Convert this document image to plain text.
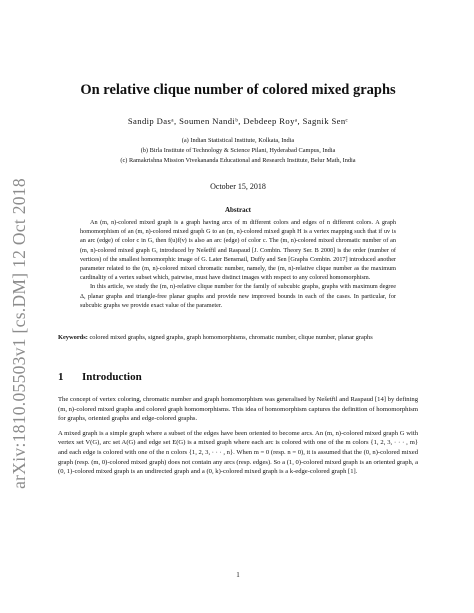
arXiv:1810.05503v1 [cs.DM] 12 Oct 2018
On relative clique number of colored mixed graphs
Sandip Dasᵃ, Soumen Nandiᵇ, Debdeep Royᵃ, Sagnik Senᶜ
(a) Indian Statistical Institute, Kolkata, India
(b) Birla Institute of Technology & Science Pilani, Hyderabad Campus, India
(c) Ramakrishna Mission Vivekananda Educational and Research Institute, Belur Math, India
October 15, 2018
Abstract

An (m, n)-colored mixed graph is a graph having arcs of m different colors and edges of n different colors. A graph homomorphism of an (m, n)-colored mixed graph G to an (m, n)-colored mixed graph H is a vertex mapping such that if uv is an arc (edge) of color c in G, then f(u)f(v) is also an arc (edge) of color c. The (m, n)-colored mixed chromatic number of an (m, n)-colored mixed graph G, introduced by Nešetřil and Raspaud [J. Combin. Theory Ser. B 2000] is the order (number of vertices) of the smallest homomorphic image of G. Later Bensmail, Duffy and Sen [Graphs Combin. 2017] introduced another parameter related to the (m, n)-colored mixed chromatic number, namely, the (m, n)-relative clique number as the maximum cardinality of a vertex subset which, pairwise, must have distinct images with respect to any colored homomorphism.

In this article, we study the (m, n)-relative clique number for the family of subcubic graphs, graphs with maximum degree Δ, planar graphs and triangle-free planar graphs and provide new improved bounds in each of the cases. In particular, for subcubic graphs we provide exact value of the parameter.

Keywords: colored mixed graphs, signed graphs, graph homomorphisms, chromatic number, clique number, planar graphs
1 Introduction

The concept of vertex coloring, chromatic number and graph homomorphism was generalised by Nešetřil and Raspaud [14] by defining (m, n)-colored mixed graphs and colored graph homomorphisms. This idea of homomorphism captures the definition of homomorphism for graphs, oriented graphs and edge-colored graphs.

A mixed graph is a simple graph where a subset of the edges have been oriented to become arcs. An (m, n)-colored mixed graph G with vertex set V(G), arc set A(G) and edge set E(G) is a mixed graph where each arc is colored with one of the m colors {1, 2, 3, · · · , m} and each edge is colored with one of the n colors {1, 2, 3, · · · , n}. When m = 0 (resp. n = 0), it is assumed that the (0, n)-colored mixed graph (resp. (m, 0)-colored mixed graph) does not contain any arcs (resp. edges). So a (1, 0)-colored mixed graph is an oriented graph, a (0, 1)-colored mixed graph is an undirected graph and a (0, k)-colored mixed graph is a k-edge-colored graph [1].

1
